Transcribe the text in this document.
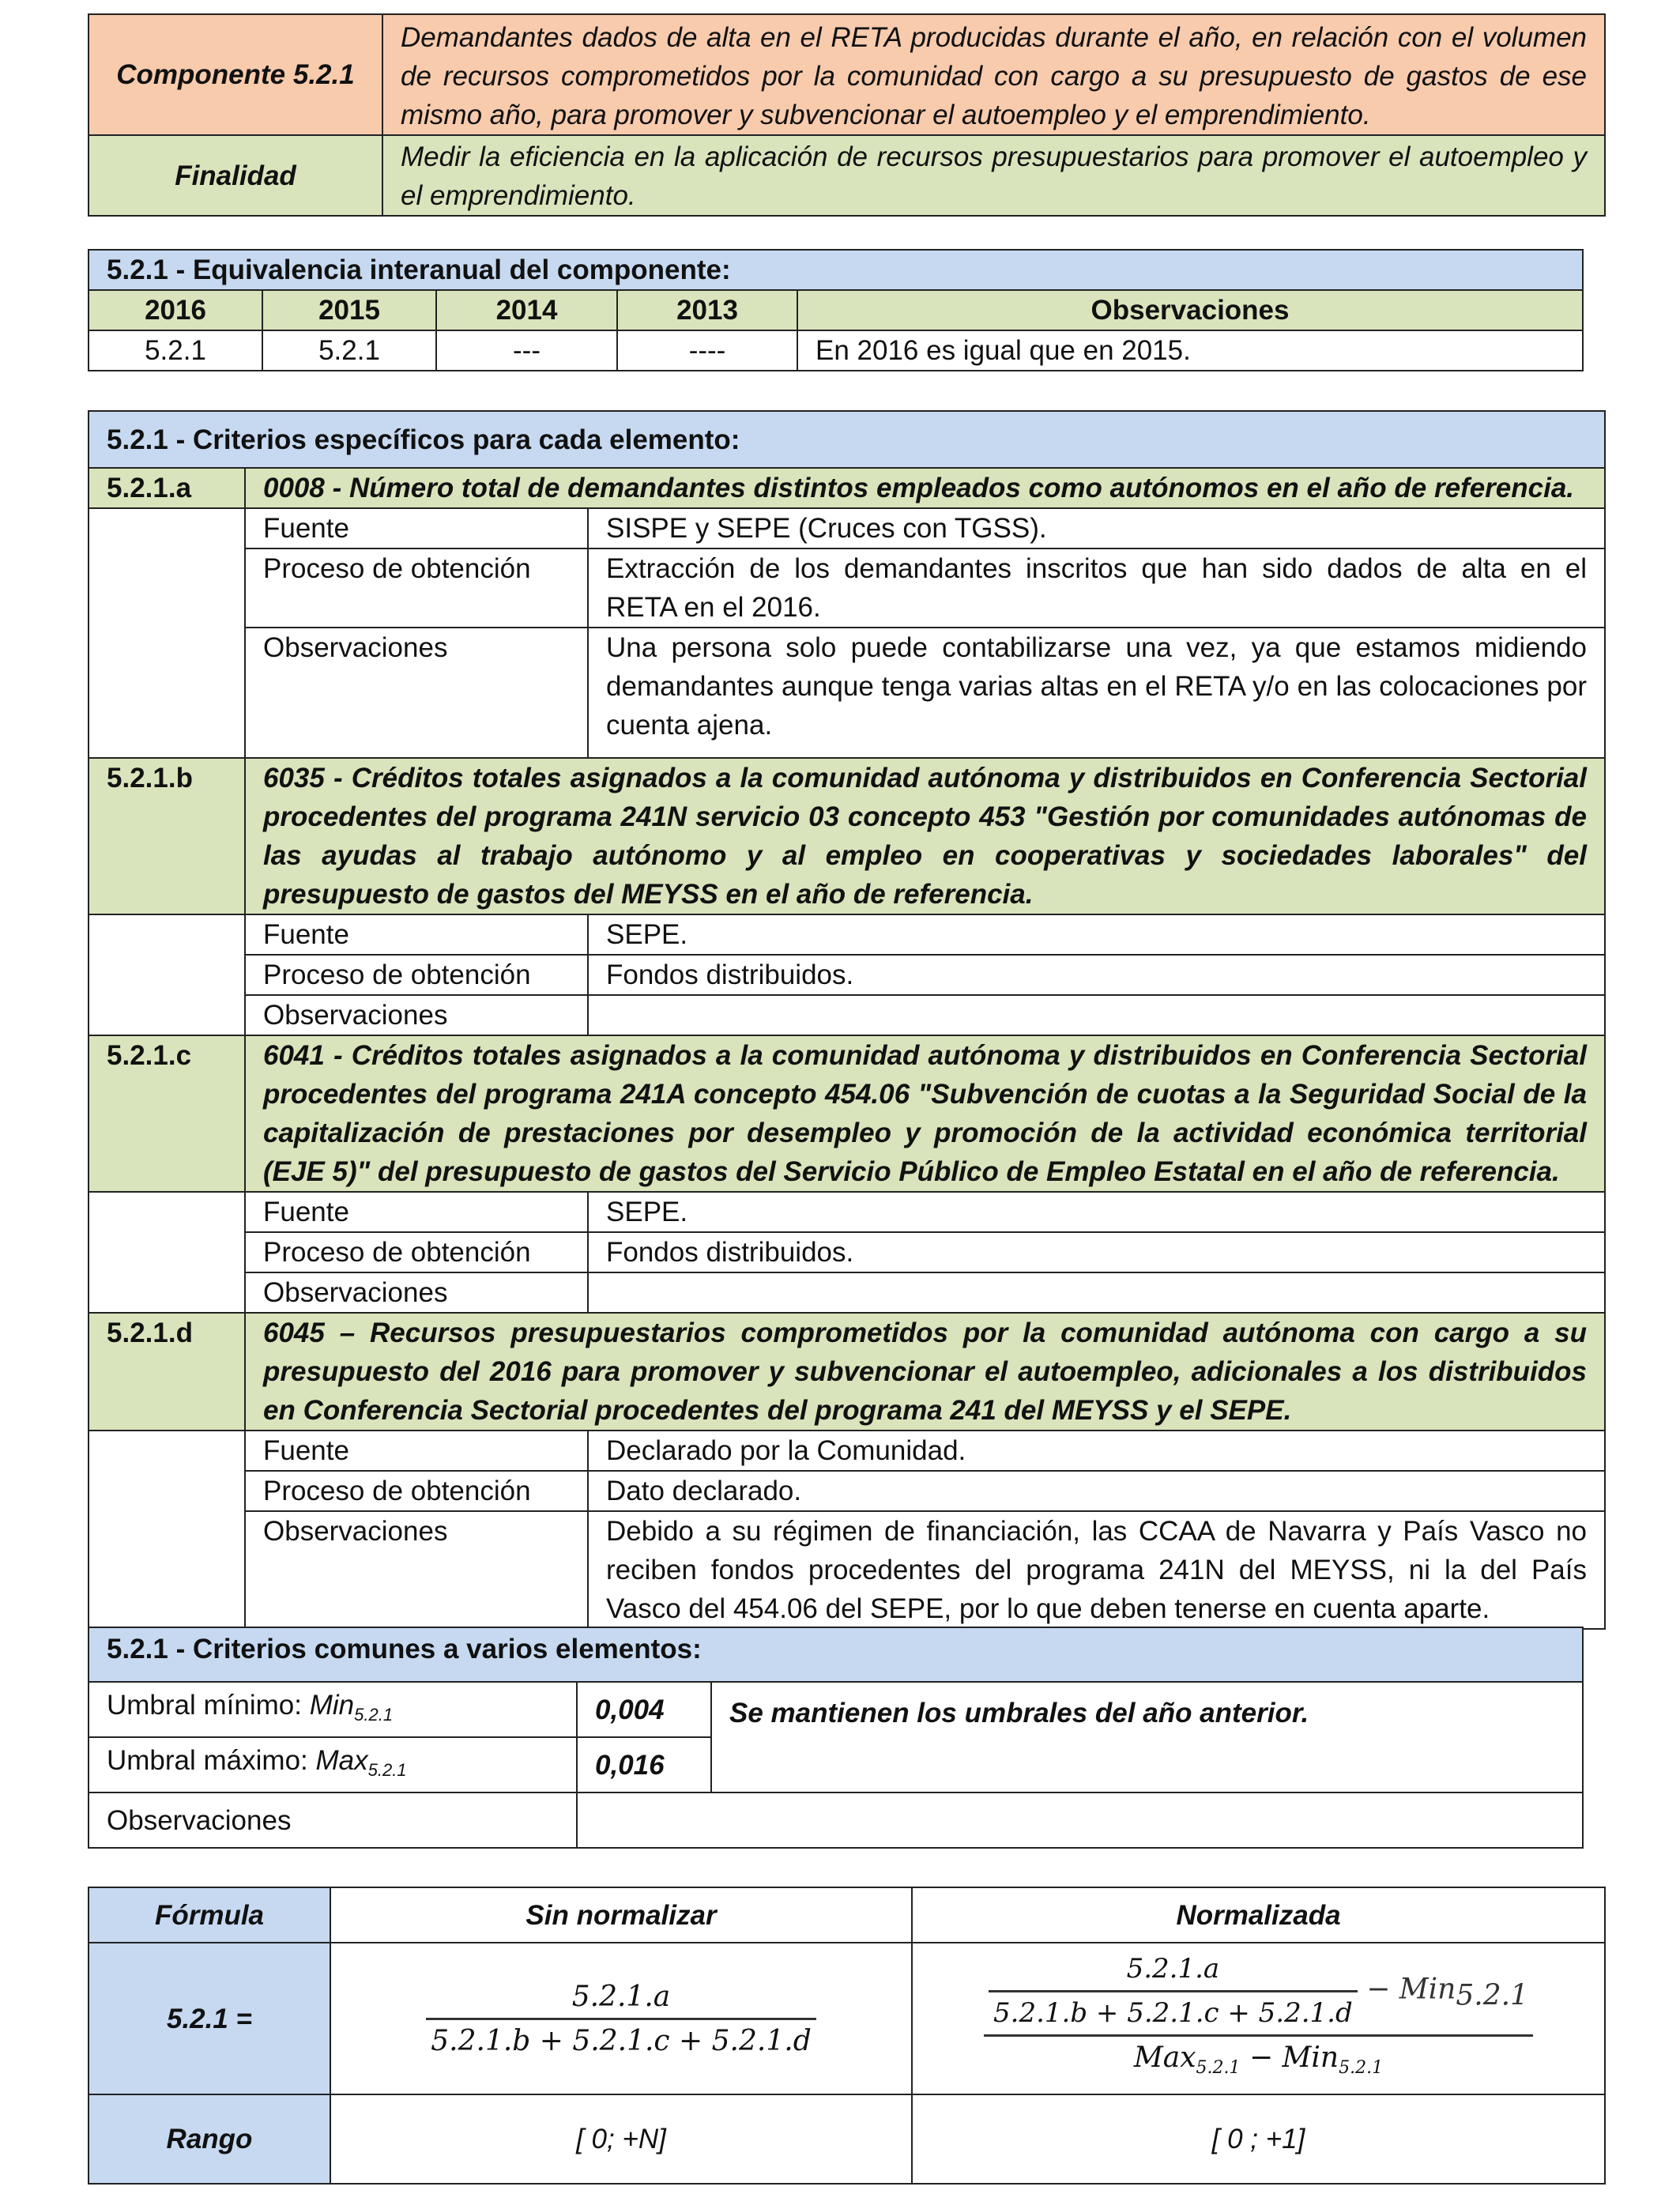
Componente 5.2.1	Demandantes dados de alta en el RETA producidas durante el año, en relación con el volumen de recursos comprometidos por la comunidad con cargo a su presupuesto de gastos de ese mismo año, para promover y subvencionar el autoempleo y el emprendimiento.
Finalidad	Medir la eficiencia en la aplicación de recursos presupuestarios para promover el autoempleo y el emprendimiento.
5.2.1 - Equivalencia interanual del componente:				
2016	2015	2014	2013	Observaciones
5.2.1	5.2.1	---	----	En 2016 es igual que en 2015.
5.2.1 - Criterios específicos para cada elemento:		
5.2.1.a	0008 - Número total de demandantes distintos empleados como autónomos en el año de referencia.	
	Fuente	SISPE y SEPE (Cruces con TGSS).
	Proceso de obtención	Extracción de los demandantes inscritos que han sido dados de alta en el RETA en el 2016.
	Observaciones	Una persona solo puede contabilizarse una vez, ya que estamos midiendo demandantes aunque tenga varias altas en el RETA y/o en las colocaciones por cuenta ajena.
5.2.1.b	6035 - Créditos totales asignados a la comunidad autónoma y distribuidos en Conferencia Sectorial procedentes del programa 241N servicio 03 concepto 453 "Gestión por comunidades autónomas de las ayudas al trabajo autónomo y al empleo en cooperativas y sociedades laborales" del presupuesto de gastos del MEYSS en el año de referencia.	
	Fuente	SEPE.
	Proceso de obtención	Fondos distribuidos.
	Observaciones	
5.2.1.c	6041 - Créditos totales asignados a la comunidad autónoma y distribuidos en Conferencia Sectorial procedentes del programa 241A concepto 454.06 "Subvención de cuotas a la Seguridad Social de la capitalización de prestaciones por desempleo y promoción de la actividad económica territorial (EJE 5)" del presupuesto de gastos del Servicio Público de Empleo Estatal en el año de referencia.	
	Fuente	SEPE.
	Proceso de obtención	Fondos distribuidos.
	Observaciones	
5.2.1.d	6045 – Recursos presupuestarios comprometidos por la comunidad autónoma con cargo a su presupuesto del 2016 para promover y subvencionar el autoempleo, adicionales a los distribuidos en Conferencia Sectorial procedentes del programa 241 del MEYSS y el SEPE.	
	Fuente	Declarado por la Comunidad.
	Proceso de obtención	Dato declarado.
	Observaciones	Debido a su régimen de financiación, las CCAA de Navarra y País Vasco no reciben fondos procedentes del programa 241N del MEYSS, ni la del País Vasco del 454.06 del SEPE, por lo que deben tenerse en cuenta aparte.
5.2.1 - Criterios comunes a varios elementos:		
Umbral mínimo: Min$_{5.2.1}$	0,004	Se mantienen los umbrales del año anterior.
Umbral máximo: Max$_{5.2.1}$	0,016	
Observaciones		
Fórmula	Sin normalizar	Normalizada
5.2.1 =	$\frac{5.2.1.a}{5.2.1.b + 5.2.1.c + 5.2.1.d}$	$\frac{5.2.1.a}{5.2.1.b + 5.2.1.c + 5.2.1.d} - Min_{5.2.1}$
Max$_{5.2.1}$ − Min$_{5.2.1}$

Rango	[ 0; +N]	[ 0 ; +1]
